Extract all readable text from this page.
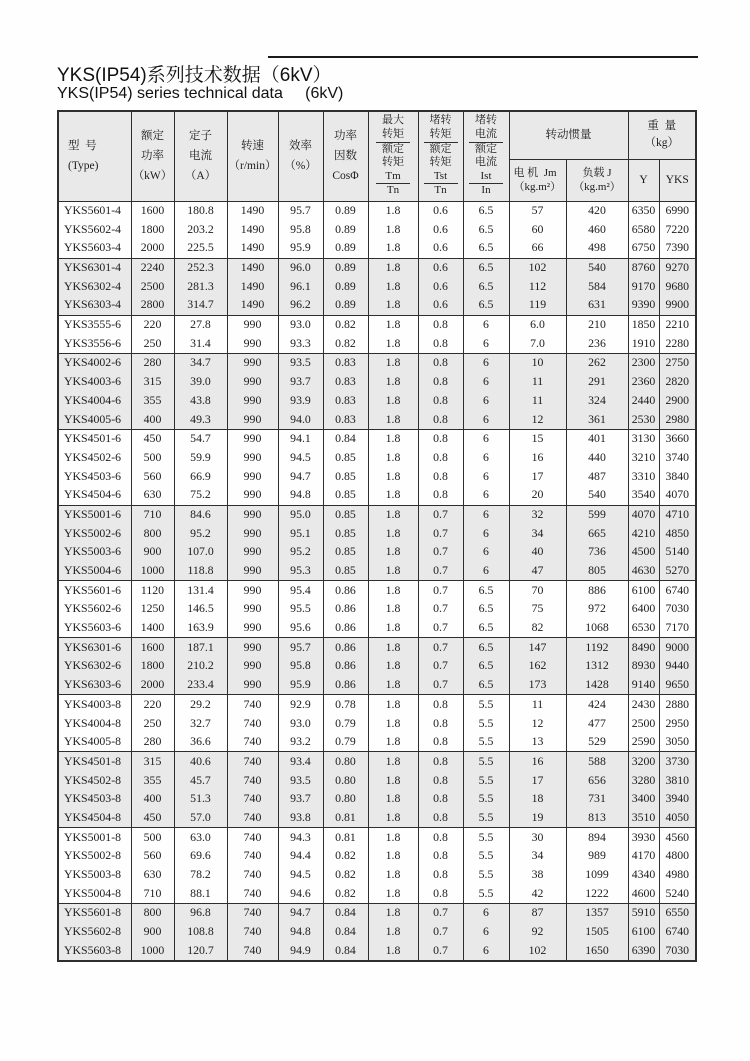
YKS(IP54)系列技术数据（6kV）
YKS(IP54) series technical data     (6kV)
型  号
(Type)

额定
功率
（kW）

定子
电流
（A）

转速
（r/min）

效率
（%）

功率
因数
CosΦ

最大
转矩
额定
转矩
Tm
Tn

堵转
转矩
额定
转矩
Tst
Tn

堵转
电流
额定
电流
Ist
In

转动惯量

重  量
（kg）

电 机  Jm
（kg.m²）

负载 J
（kg.m²）

Y	YKS

YKS5601-4	1600	180.8	1490	95.7	0.89	1.8	0.6	6.5	57	420	6350	6990
YKS5602-4	1800	203.2	1490	95.8	0.89	1.8	0.6	6.5	60	460	6580	7220
YKS5603-4	2000	225.5	1490	95.9	0.89	1.8	0.6	6.5	66	498	6750	7390
YKS6301-4	2240	252.3	1490	96.0	0.89	1.8	0.6	6.5	102	540	8760	9270
YKS6302-4	2500	281.3	1490	96.1	0.89	1.8	0.6	6.5	112	584	9170	9680
YKS6303-4	2800	314.7	1490	96.2	0.89	1.8	0.6	6.5	119	631	9390	9900
YKS3555-6	220	27.8	990	93.0	0.82	1.8	0.8	6	6.0	210	1850	2210
YKS3556-6	250	31.4	990	93.3	0.82	1.8	0.8	6	7.0	236	1910	2280
YKS4002-6	280	34.7	990	93.5	0.83	1.8	0.8	6	10	262	2300	2750
YKS4003-6	315	39.0	990	93.7	0.83	1.8	0.8	6	11	291	2360	2820
YKS4004-6	355	43.8	990	93.9	0.83	1.8	0.8	6	11	324	2440	2900
YKS4005-6	400	49.3	990	94.0	0.83	1.8	0.8	6	12	361	2530	2980
YKS4501-6	450	54.7	990	94.1	0.84	1.8	0.8	6	15	401	3130	3660
YKS4502-6	500	59.9	990	94.5	0.85	1.8	0.8	6	16	440	3210	3740
YKS4503-6	560	66.9	990	94.7	0.85	1.8	0.8	6	17	487	3310	3840
YKS4504-6	630	75.2	990	94.8	0.85	1.8	0.8	6	20	540	3540	4070
YKS5001-6	710	84.6	990	95.0	0.85	1.8	0.7	6	32	599	4070	4710
YKS5002-6	800	95.2	990	95.1	0.85	1.8	0.7	6	34	665	4210	4850
YKS5003-6	900	107.0	990	95.2	0.85	1.8	0.7	6	40	736	4500	5140
YKS5004-6	1000	118.8	990	95.3	0.85	1.8	0.7	6	47	805	4630	5270
YKS5601-6	1120	131.4	990	95.4	0.86	1.8	0.7	6.5	70	886	6100	6740
YKS5602-6	1250	146.5	990	95.5	0.86	1.8	0.7	6.5	75	972	6400	7030
YKS5603-6	1400	163.9	990	95.6	0.86	1.8	0.7	6.5	82	1068	6530	7170
YKS6301-6	1600	187.1	990	95.7	0.86	1.8	0.7	6.5	147	1192	8490	9000
YKS6302-6	1800	210.2	990	95.8	0.86	1.8	0.7	6.5	162	1312	8930	9440
YKS6303-6	2000	233.4	990	95.9	0.86	1.8	0.7	6.5	173	1428	9140	9650
YKS4003-8	220	29.2	740	92.9	0.78	1.8	0.8	5.5	11	424	2430	2880
YKS4004-8	250	32.7	740	93.0	0.79	1.8	0.8	5.5	12	477	2500	2950
YKS4005-8	280	36.6	740	93.2	0.79	1.8	0.8	5.5	13	529	2590	3050
YKS4501-8	315	40.6	740	93.4	0.80	1.8	0.8	5.5	16	588	3200	3730
YKS4502-8	355	45.7	740	93.5	0.80	1.8	0.8	5.5	17	656	3280	3810
YKS4503-8	400	51.3	740	93.7	0.80	1.8	0.8	5.5	18	731	3400	3940
YKS4504-8	450	57.0	740	93.8	0.81	1.8	0.8	5.5	19	813	3510	4050
YKS5001-8	500	63.0	740	94.3	0.81	1.8	0.8	5.5	30	894	3930	4560
YKS5002-8	560	69.6	740	94.4	0.82	1.8	0.8	5.5	34	989	4170	4800
YKS5003-8	630	78.2	740	94.5	0.82	1.8	0.8	5.5	38	1099	4340	4980
YKS5004-8	710	88.1	740	94.6	0.82	1.8	0.8	5.5	42	1222	4600	5240
YKS5601-8	800	96.8	740	94.7	0.84	1.8	0.7	6	87	1357	5910	6550
YKS5602-8	900	108.8	740	94.8	0.84	1.8	0.7	6	92	1505	6100	6740
YKS5603-8	1000	120.7	740	94.9	0.84	1.8	0.7	6	102	1650	6390	7030
